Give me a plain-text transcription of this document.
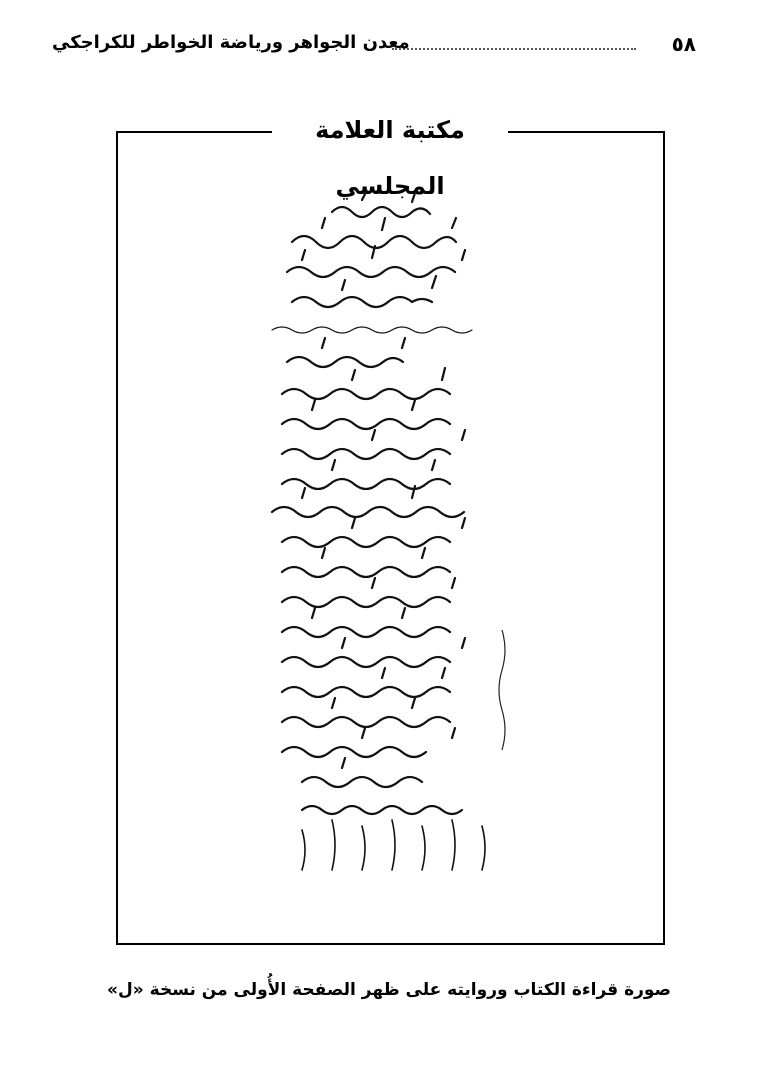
٥٨
معدن الجواهر ورياضة الخواطر للكراجكي
مكتبة العلامة المجلسي
صورة قراءة الكتاب وروايته على ظهر الصفحة الأُولى من نسخة «ل»
